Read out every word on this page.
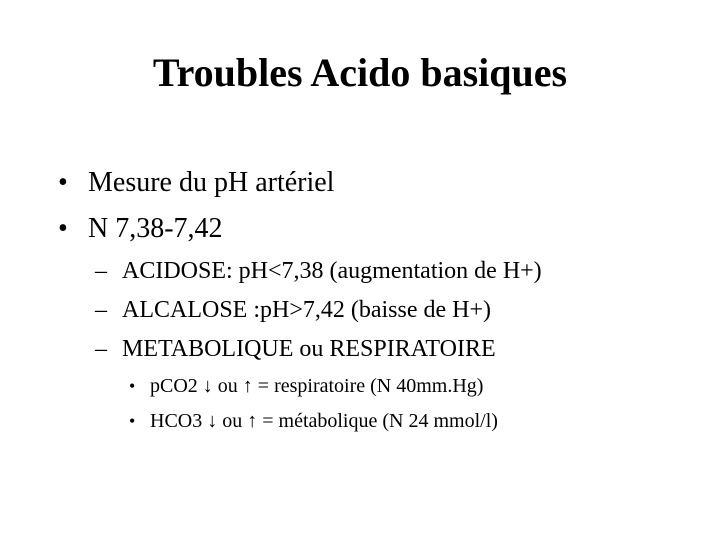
Troubles Acido basiques
• Mesure du pH artériel
• N 7,38-7,42
– ACIDOSE: pH<7,38 (augmentation de H+)
– ALCALOSE :pH>7,42 (baisse de H+)
– METABOLIQUE ou RESPIRATOIRE
• pCO2 ↓ ou ↑ = respiratoire (N 40mm.Hg)
• HCO3 ↓ ou ↑ = métabolique (N 24 mmol/l)
